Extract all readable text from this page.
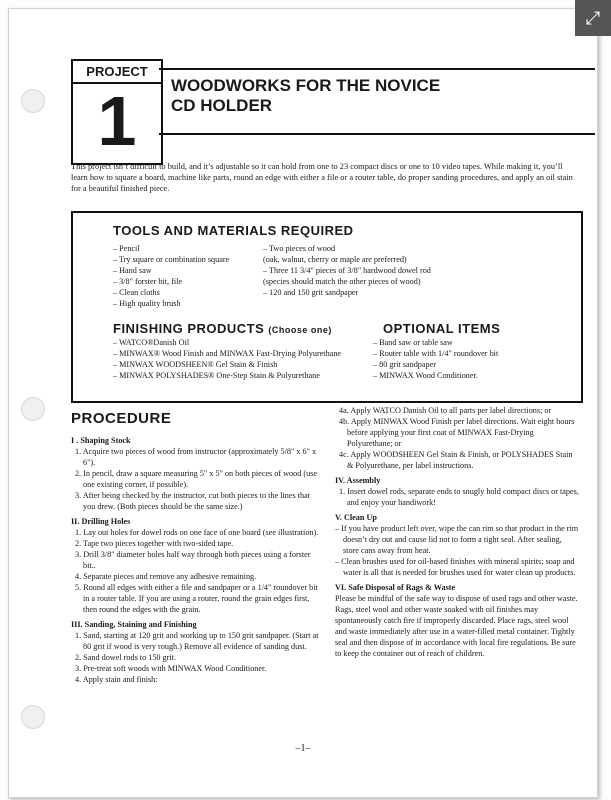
PROJECT
1	WOODWORKS FOR THE NOVICE
CD HOLDER
This project isn’t difficult to build, and it’s adjustable so it can hold from one to 23 compact discs or one to 10 video tapes. While making it, you’ll learn how to square a board, machine like parts, round an edge with either a file or a router table, do proper sanding procedures, and apply an oil stain for a beautiful finished piece.
TOOLS AND MATERIALS REQUIRED
– Pencil
– Try square or combination square
– Hand saw
– 3/8" forster bit, file
– Clean cloths
– High quality brush
– Two pieces of wood
(oak, walnut, cherry or maple are preferred)
– Three 11 3/4" pieces of 3/8" hardwood dowel rod
(species should match the other pieces of wood)
– 120 and 150 grit sandpaper
FINISHING PRODUCTS (Choose one)
– WATCO®Danish Oil
– MINWAX® Wood Finish and MINWAX Fast-Drying Polyurethane
– MINWAX WOODSHEEN® Gel Stain & Finish
– MINWAX POLYSHADES® One-Step Stain & Polyurethane
OPTIONAL ITEMS
– Band saw or table saw
– Router table with 1/4" roundover bit
– 80 grit sandpaper
– MINWAX Wood Conditioner.
PROCEDURE
I . Shaping Stock
1. Acquire two pieces of wood from instructor (approximately 5/8" x 6" x 6").
2. In pencil, draw a square measuring 5" x 5" on both pieces of wood (use one existing corner, if possible).
3. After being checked by the instructor, cut both pieces to the lines that you drew. (Both pieces should be the same size.)
II. Drilling Holes
1. Lay out holes for dowel rods on one face of one board (see illustration).
2. Tape two pieces together with two-sided tape.
3. Drill 3/8" diameter holes half way through both pieces using a forster bit..
4. Separate pieces and remove any adhesive remaining.
5. Round all edges with either a file and sandpaper or a 1/4" roundover bit in a router table. If you are using a router, round the grain edges first, then round the edges with the grain.
III. Sanding, Staining and Finishing
1. Sand, starting at 120 grit and working up to 150 grit sandpaper. (Start at 80 grit if wood is very rough.) Remove all evidence of sanding dust.
2. Sand dowel rods to 150 grit.
3. Pre-treat soft woods with MINWAX Wood Conditioner.
4. Apply stain and finish:
4a. Apply WATCO Danish Oil to all parts per label directions; or
4b. Apply MINWAX Wood Finish per label directions. Wait eight hours before applying your first coat of MINWAX Fast-Drying Polyurethane; or
4c. Apply WOODSHEEN Gel Stain & Finish, or POLYSHADES Stain & Polyurethane, per label instructions.
IV. Assembly
1. Insert dowel rods, separate ends to snugly hold compact discs or tapes, and enjoy your handiwork!
V. Clean Up
– If you have product left over, wipe the can rim so that product in the rim doesn’t dry out and cause lid not to form a tight seal. After sealing, store cans away from heat.
– Clean brushes used for oil-based finishes with mineral spirits; soap and water is all that is needed for brushes used for water clean up products.
VI. Safe Disposal of Rags & Waste
Please be mindful of the safe way to dispose of used rags and other waste. Rags, steel wool and other waste soaked with oil finishes may spontaneously catch fire if improperly discarded. Place rags, steel wool and waste immediately after use in a water-filled metal container. Tightly seal and then dispose of in accordance with local fire regulations. Be sure to keep the container out of reach of children.
–1–
⤢
